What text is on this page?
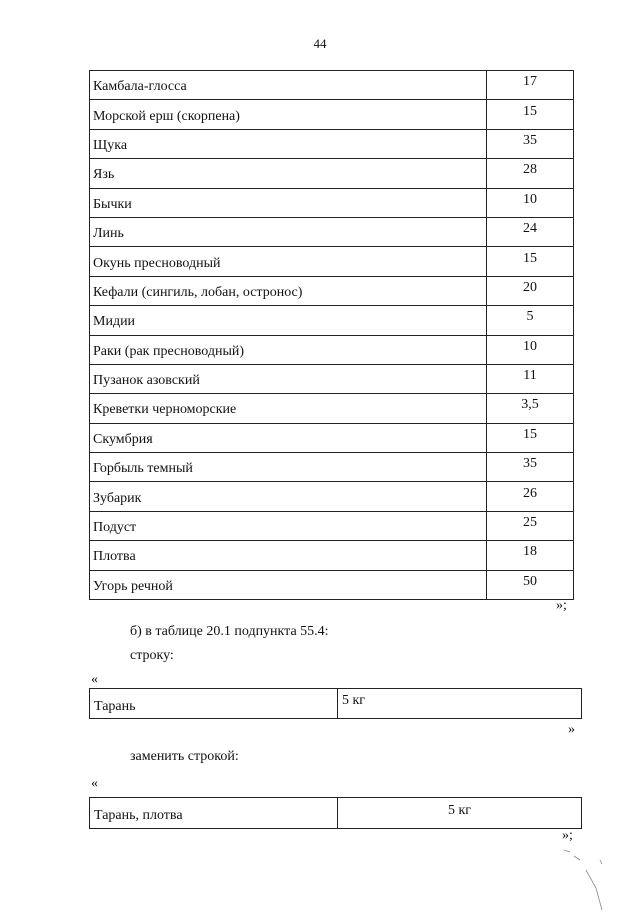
44
Камбала-глосса	17
Морской ерш (скорпена)	15
Щука	35
Язь	28
Бычки	10
Линь	24
Окунь пресноводный	15
Кефали (сингиль, лобан, остронос)	20
Мидии	5
Раки (рак пресноводный)	10
Пузанок азовский	11
Креветки черноморские	3,5
Скумбрия	15
Горбыль темный	35
Зубарик	26
Подуст	25
Плотва	18
Угорь речной	50
»;
б) в таблице 20.1 подпункта 55.4:
строку:
«
Тарань	5 кг
»
заменить строкой:
«
Тарань, плотва	5 кг
»;
